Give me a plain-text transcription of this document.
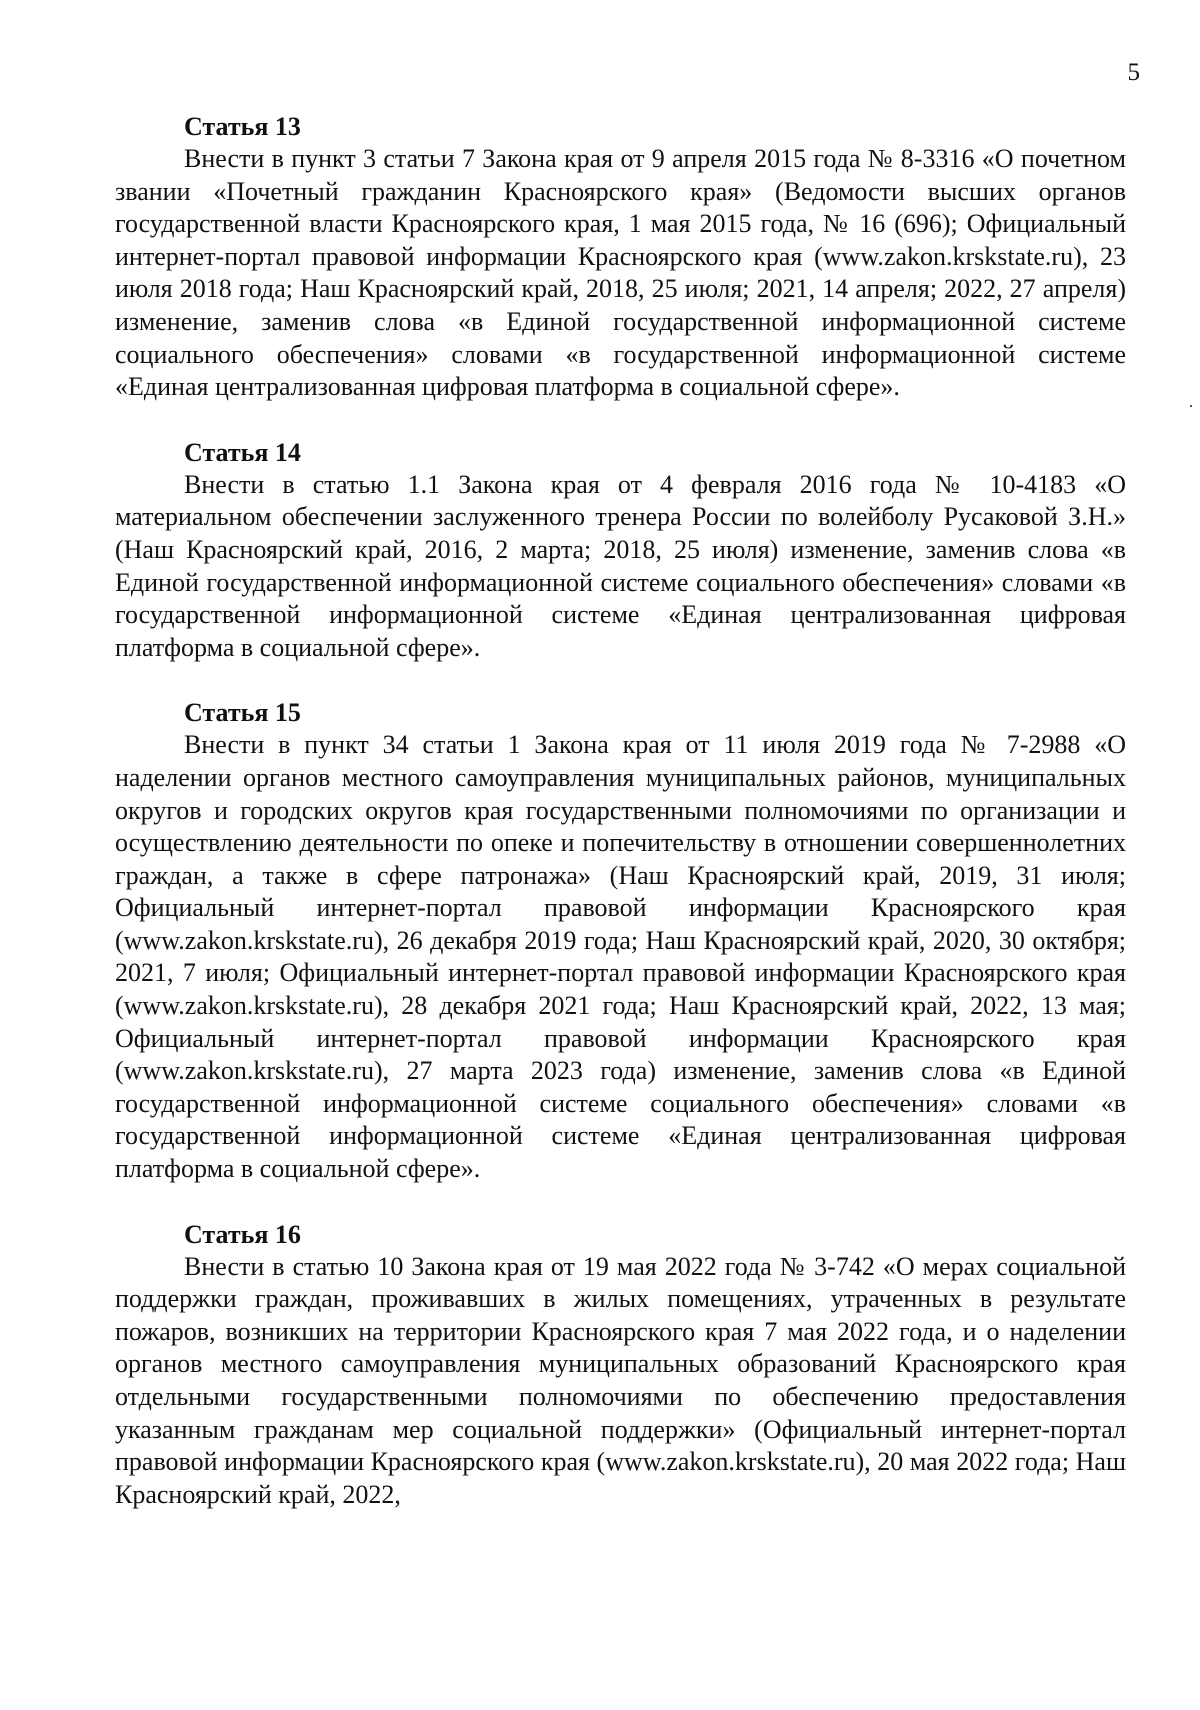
5
Статья 13

Внести в пункт 3 статьи 7 Закона края от 9 апреля 2015 года № 8-3316 «О почетном звании «Почетный гражданин Красноярского края» (Ведомости высших органов государственной власти Красноярского края, 1 мая 2015 года, № 16 (696); Официальный интернет-портал правовой информации Красноярского края (www.zakon.krskstate.ru), 23 июля 2018 года; Наш Красноярский край, 2018, 25 июля; 2021, 14 апреля; 2022, 27 апреля) изменение, заменив слова «в Единой государственной информационной системе социального обеспечения» словами «в государственной информационной системе «Единая централизованная цифровая платформа в социальной сфере».

Статья 14

Внести в статью 1.1 Закона края от 4 февраля 2016 года № 10-4183 «О материальном обеспечении заслуженного тренера России по волейболу Русаковой З.Н.» (Наш Красноярский край, 2016, 2 марта; 2018, 25 июля) изменение, заменив слова «в Единой государственной информационной системе социального обеспечения» словами «в государственной информационной системе «Единая централизованная цифровая платформа в социальной сфере».

Статья 15

Внести в пункт 34 статьи 1 Закона края от 11 июля 2019 года № 7-2988 «О наделении органов местного самоуправления муниципальных районов, муниципальных округов и городских округов края государственными полномочиями по организации и осуществлению деятельности по опеке и попечительству в отношении совершеннолетних граждан, а также в сфере патронажа» (Наш Красноярский край, 2019, 31 июля; Официальный интернет-портал правовой информации Красноярского края (www.zakon.krskstate.ru), 26 декабря 2019 года; Наш Красноярский край, 2020, 30 октября; 2021, 7 июля; Официальный интернет-портал правовой информации Красноярского края (www.zakon.krskstate.ru), 28 декабря 2021 года; Наш Красноярский край, 2022, 13 мая; Официальный интернет-портал правовой информации Красноярского края (www.zakon.krskstate.ru), 27 марта 2023 года) изменение, заменив слова «в Единой государственной информационной системе социального обеспечения» словами «в государственной информационной системе «Единая централизованная цифровая платформа в социальной сфере».

Статья 16

Внести в статью 10 Закона края от 19 мая 2022 года № 3-742 «О мерах социальной поддержки граждан, проживавших в жилых помещениях, утраченных в результате пожаров, возникших на территории Красноярского края 7 мая 2022 года, и о наделении органов местного самоуправления муниципальных образований Красноярского края отдельными государственными полномочиями по обеспечению предоставления указанным гражданам мер социальной поддержки» (Официальный интернет-портал правовой информации Красноярского края (www.zakon.krskstate.ru), 20 мая 2022 года; Наш Красноярский край, 2022,
